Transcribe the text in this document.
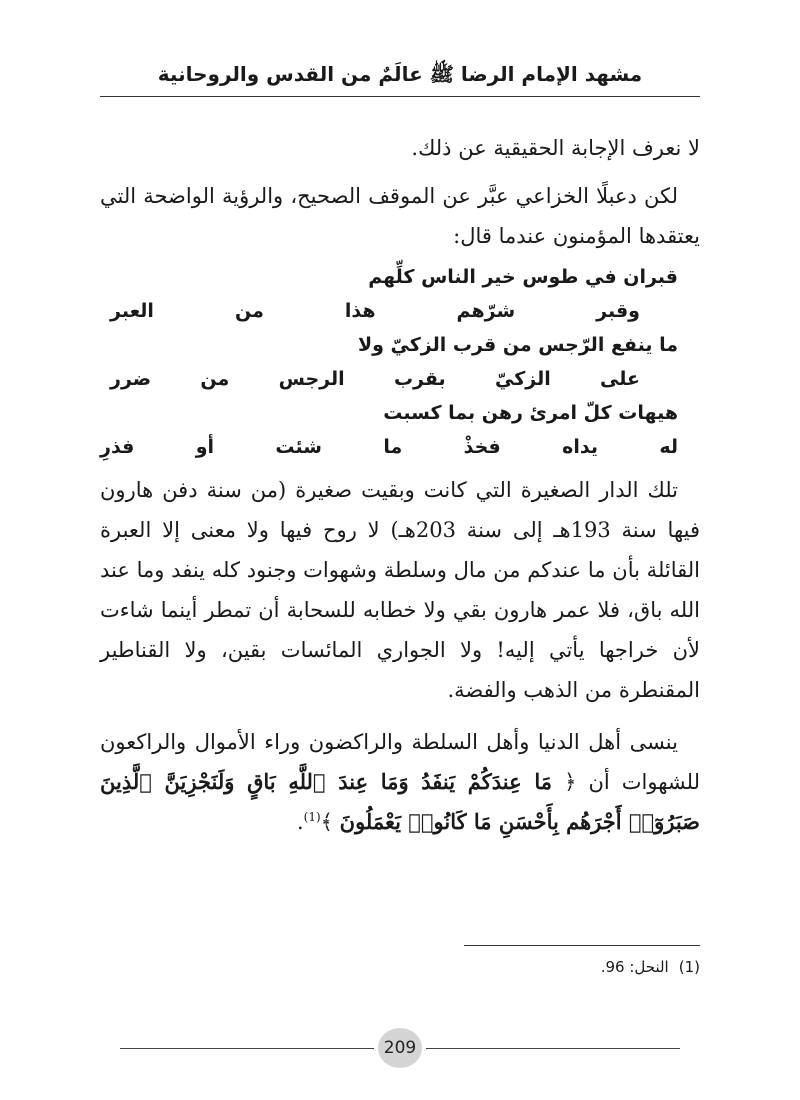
مشهد الإمام الرضا ﷺ عالَمٌ من القدس والروحانية

لا نعرف الإجابة الحقيقية عن ذلك.

لكن دعبلًا الخزاعي عبَّر عن الموقف الصحيح، والرؤية الواضحة التي يعتقدها المؤمنون عندما قال:

قبران في طوس خير الناس كلِّهم
وقبر شرّهم هذا من العبر
ما ينفع الرّجس من قرب الزكيّ ولا
على الزكيّ بقرب الرجس من ضرر
هيهات كلّ امرئ رهن بما كسبت
له يداه فخذْ ما شئت أو فذرِ

تلك الدار الصغيرة التي كانت وبقيت صغيرة (من سنة دفن هارون فيها سنة 193هـ إلى سنة 203هـ) لا روح فيها ولا معنى إلا العبرة القائلة بأن ما عندكم من مال وسلطة وشهوات وجنود كله ينفد وما عند الله باق، فلا عمر هارون بقي ولا خطابه للسحابة أن تمطر أينما شاءت لأن خراجها يأتي إليه! ولا الجواري المائسات بقين، ولا القناطير المقنطرة من الذهب والفضة.

ينسى أهل الدنيا وأهل السلطة والراكضون وراء الأموال والراكعون للشهوات أن ﴿ مَا عِندَكُمْ يَنفَدُ وَمَا عِندَ ٱللَّهِ بَاقٍ وَلَنَجْزِيَنَّ ٱلَّذِينَ صَبَرُوٓا۟ أَجْرَهُم بِأَحْسَنِ مَا كَانُوا۟ يَعْمَلُونَ ﴾$^{(1)}$.

(1)النحل: 96.
209
